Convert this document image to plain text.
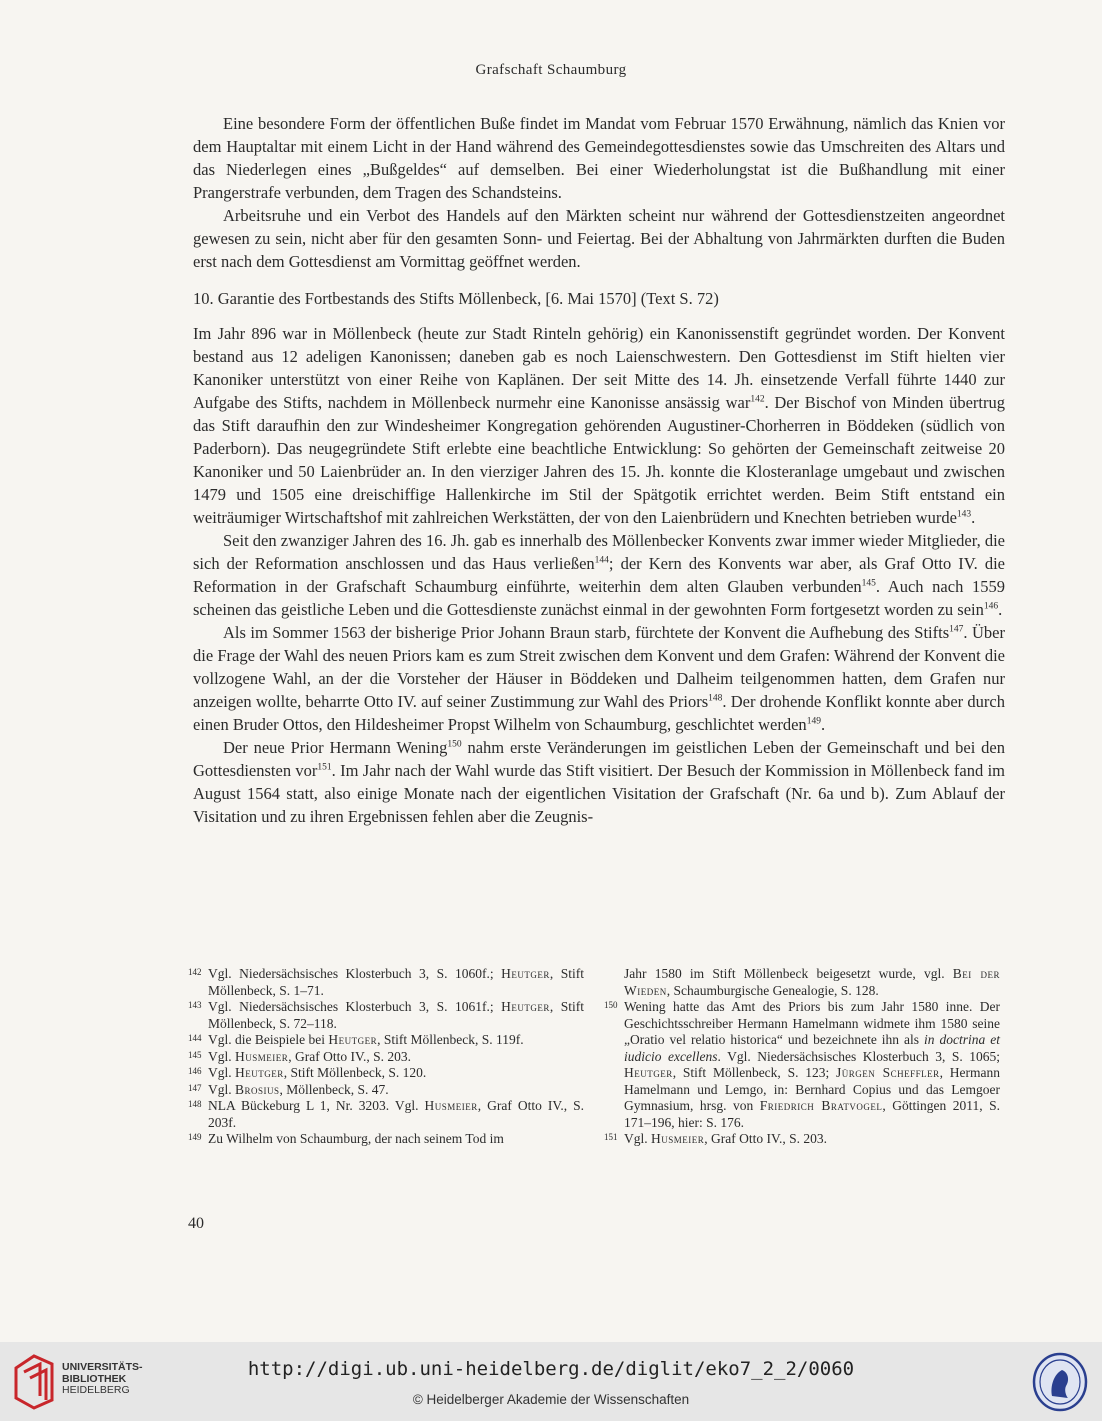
Grafschaft Schaumburg

Eine besondere Form der öffentlichen Buße findet im Mandat vom Februar 1570 Erwähnung, nämlich das Knien vor dem Hauptaltar mit einem Licht in der Hand während des Gemeindegottesdienstes sowie das Umschreiten des Altars und das Niederlegen eines „Bußgeldes“ auf demselben. Bei einer Wiederholungstat ist die Bußhandlung mit einer Prangerstrafe verbunden, dem Tragen des Schandsteins.

Arbeitsruhe und ein Verbot des Handels auf den Märkten scheint nur während der Gottesdienstzeiten angeordnet gewesen zu sein, nicht aber für den gesamten Sonn- und Feiertag. Bei der Abhaltung von Jahrmärkten durften die Buden erst nach dem Gottesdienst am Vormittag geöffnet werden.

10. Garantie des Fortbestands des Stifts Möllenbeck, [6. Mai 1570] (Text S. 72)

Im Jahr 896 war in Möllenbeck (heute zur Stadt Rinteln gehörig) ein Kanonissenstift gegründet worden. Der Konvent bestand aus 12 adeligen Kanonissen; daneben gab es noch Laienschwestern. Den Gottesdienst im Stift hielten vier Kanoniker unterstützt von einer Reihe von Kaplänen. Der seit Mitte des 14. Jh. einsetzende Verfall führte 1440 zur Aufgabe des Stifts, nachdem in Möllenbeck nurmehr eine Kanonisse ansässig war$^{142}$. Der Bischof von Minden übertrug das Stift daraufhin den zur Windesheimer Kongregation gehörenden Augustiner-Chorherren in Böddeken (südlich von Paderborn). Das neugegründete Stift erlebte eine beachtliche Entwicklung: So gehörten der Gemeinschaft zeitweise 20 Kanoniker und 50 Laienbrüder an. In den vierziger Jahren des 15. Jh. konnte die Klosteranlage umgebaut und zwischen 1479 und 1505 eine dreischiffige Hallenkirche im Stil der Spätgotik errichtet werden. Beim Stift entstand ein weiträumiger Wirtschaftshof mit zahlreichen Werkstätten, der von den Laienbrüdern und Knechten betrieben wurde$^{143}$.

Seit den zwanziger Jahren des 16. Jh. gab es innerhalb des Möllenbecker Konvents zwar immer wieder Mitglieder, die sich der Reformation anschlossen und das Haus verließen$^{144}$; der Kern des Konvents war aber, als Graf Otto IV. die Reformation in der Grafschaft Schaumburg einführte, weiterhin dem alten Glauben verbunden$^{145}$. Auch nach 1559 scheinen das geistliche Leben und die Gottesdienste zunächst einmal in der gewohnten Form fortgesetzt worden zu sein$^{146}$.

Als im Sommer 1563 der bisherige Prior Johann Braun starb, fürchtete der Konvent die Aufhebung des Stifts$^{147}$. Über die Frage der Wahl des neuen Priors kam es zum Streit zwischen dem Konvent und dem Grafen: Während der Konvent die vollzogene Wahl, an der die Vorsteher der Häuser in Böddeken und Dalheim teilgenommen hatten, dem Grafen nur anzeigen wollte, beharrte Otto IV. auf seiner Zustimmung zur Wahl des Priors$^{148}$. Der drohende Konflikt konnte aber durch einen Bruder Ottos, den Hildesheimer Propst Wilhelm von Schaumburg, geschlichtet werden$^{149}$.

Der neue Prior Hermann Wening$^{150}$ nahm erste Veränderungen im geistlichen Leben der Gemeinschaft und bei den Gottesdiensten vor$^{151}$. Im Jahr nach der Wahl wurde das Stift visitiert. Der Besuch der Kommission in Möllenbeck fand im August 1564 statt, also einige Monate nach der eigentlichen Visitation der Grafschaft (Nr. 6a und b). Zum Ablauf der Visitation und zu ihren Ergebnissen fehlen aber die Zeugnis-

142 Vgl. Niedersächsisches Klosterbuch 3, S. 1060f.; Heutger, Stift Möllenbeck, S. 1–71.
143 Vgl. Niedersächsisches Klosterbuch 3, S. 1061f.; Heutger, Stift Möllenbeck, S. 72–118.
144 Vgl. die Beispiele bei Heutger, Stift Möllenbeck, S. 119f.
145 Vgl. Husmeier, Graf Otto IV., S. 203.
146 Vgl. Heutger, Stift Möllenbeck, S. 120.
147 Vgl. Brosius, Möllenbeck, S. 47.
148 NLA Bückeburg L 1, Nr. 3203. Vgl. Husmeier, Graf Otto IV., S. 203f.
149 Zu Wilhelm von Schaumburg, der nach seinem Tod im
Jahr 1580 im Stift Möllenbeck beigesetzt wurde, vgl. Bei der Wieden, Schaumburgische Genealogie, S. 128.
150 Wening hatte das Amt des Priors bis zum Jahr 1580 inne. Der Geschichtsschreiber Hermann Hamelmann widmete ihm 1580 seine „Oratio vel relatio historica“ und bezeichnete ihn als in doctrina et iudicio excellens. Vgl. Niedersächsisches Klosterbuch 3, S. 1065; Heutger, Stift Möllenbeck, S. 123; Jürgen Scheffler, Hermann Hamelmann und Lemgo, in: Bernhard Copius und das Lemgoer Gymnasium, hrsg. von Friedrich Bratvogel, Göttingen 2011, S. 171–196, hier: S. 176.
151 Vgl. Husmeier, Graf Otto IV., S. 203.
40
UNIVERSITÄTS-
BIBLIOTHEK
HEIDELBERG
http://digi.ub.uni-heidelberg.de/diglit/eko7_2_2/0060
© Heidelberger Akademie der Wissenschaften
